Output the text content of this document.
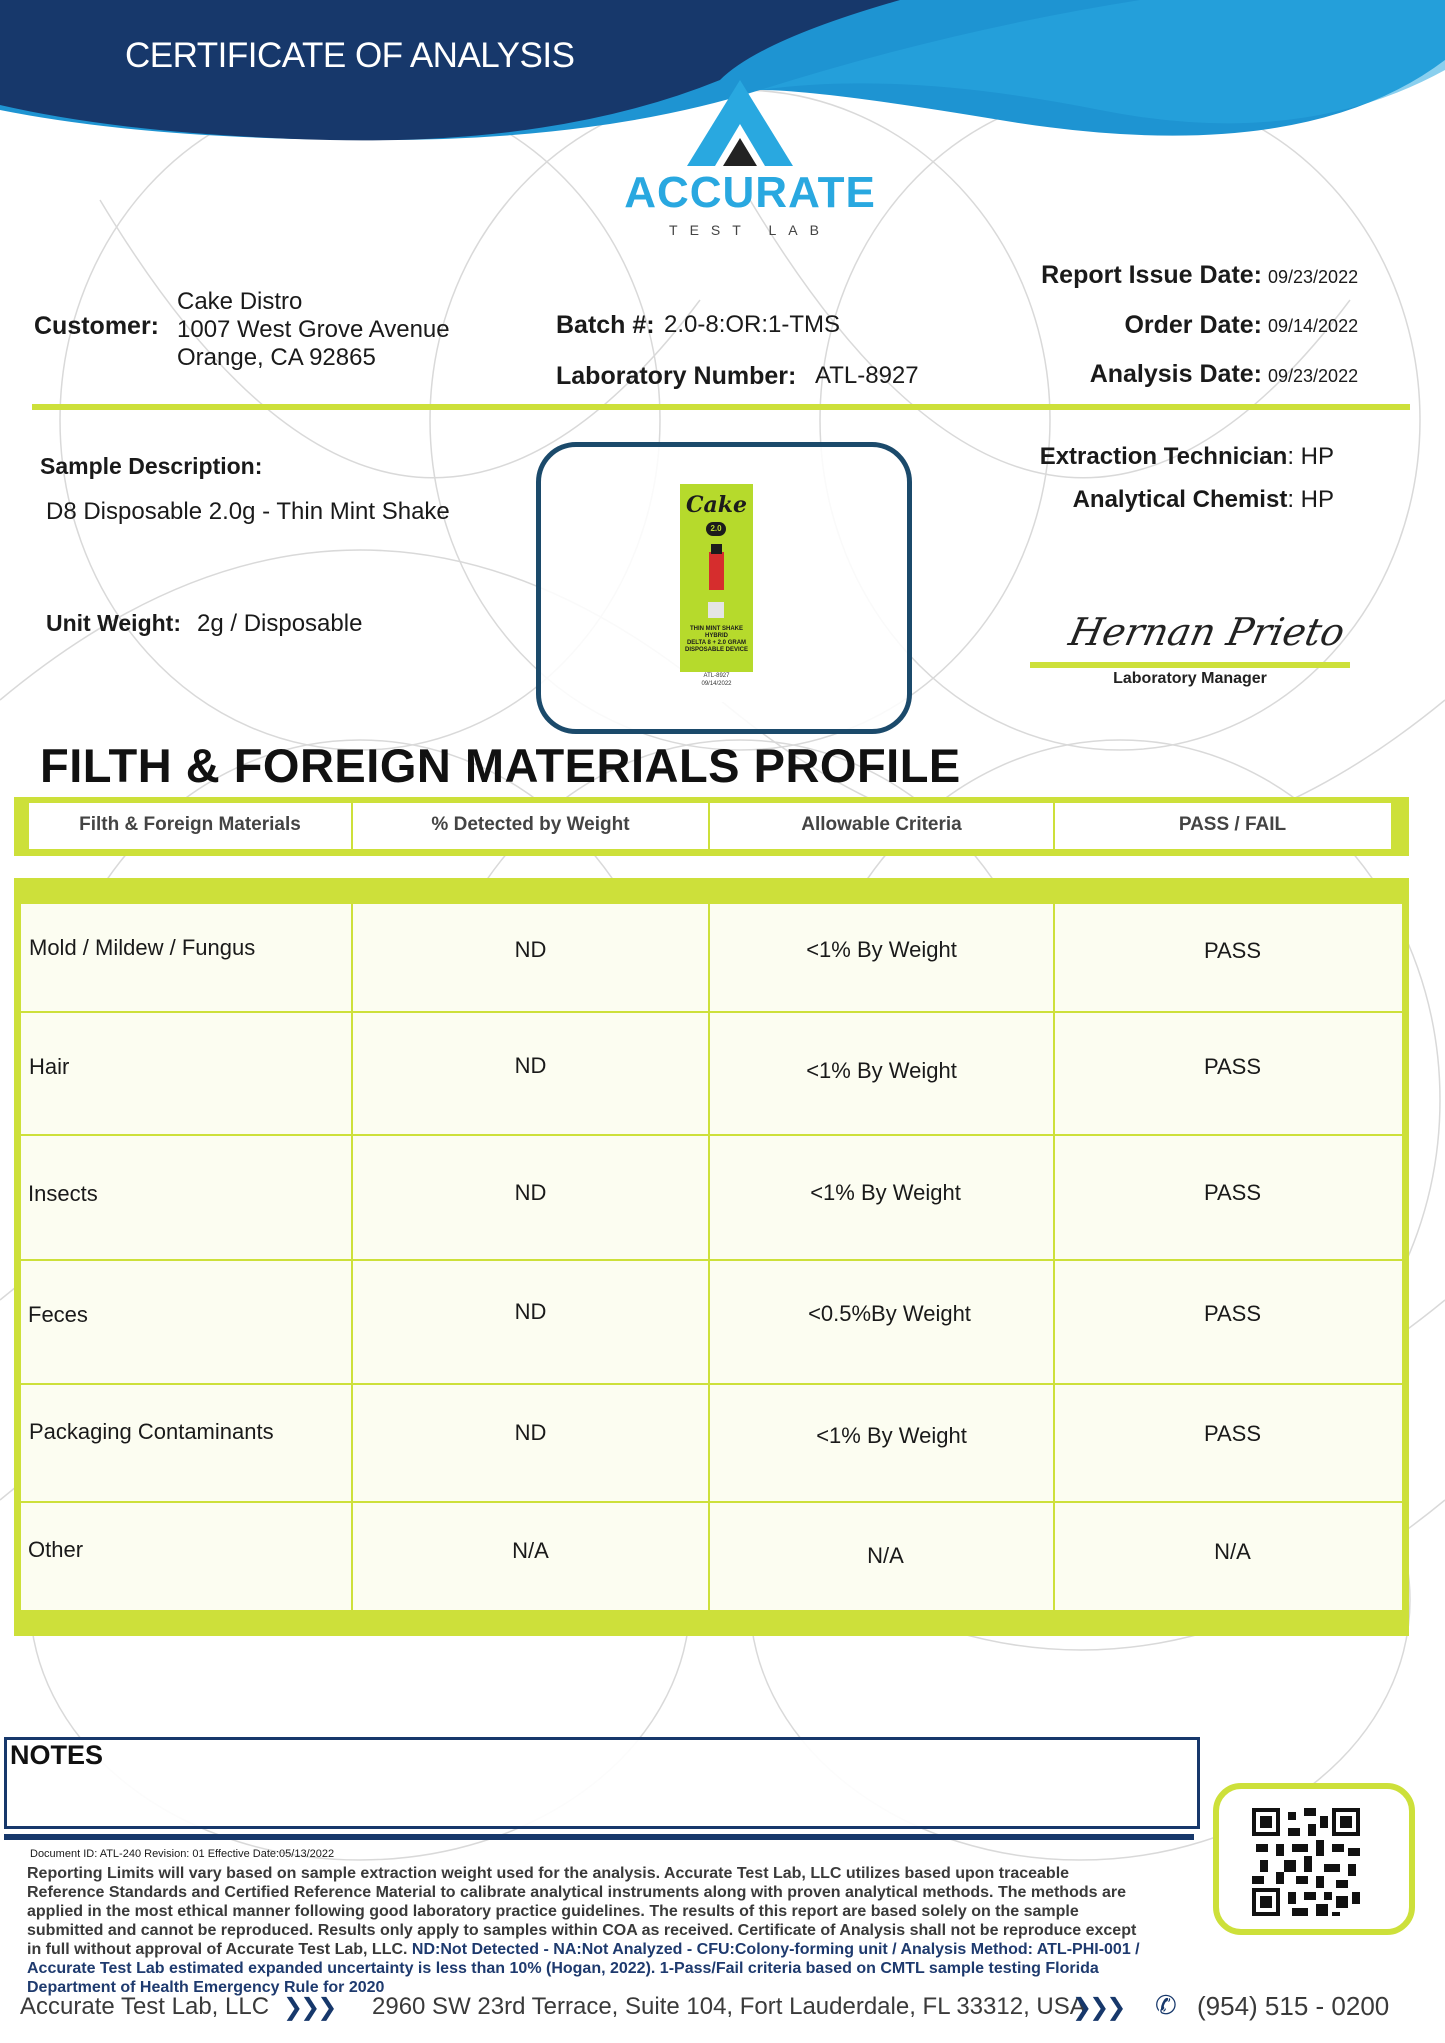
CERTIFICATE OF ANALYSIS
ACCURATE
TEST LAB
Customer:
Cake Distro
1007 West Grove Avenue
Orange, CA 92865
Batch #: 2.0-8:OR:1-TMS
Laboratory Number: ATL-8927
Report Issue Date: 09/23/2022
Order Date: 09/14/2022
Analysis Date: 09/23/2022
Sample Description:
D8 Disposable 2.0g - Thin Mint Shake
Unit Weight: 2g / Disposable
Cake
2.0
THIN MINT SHAKE
HYBRID
DELTA 8 + 2.0 GRAM
DISPOSABLE DEVICE
ATL-8927
09/14/2022
Extraction Technician: HP
Analytical Chemist: HP
Hernan Prieto
Laboratory Manager
FILTH & FOREIGN MATERIALS PROFILE
Filth & Foreign Materials	% Detected by Weight	Allowable Criteria	PASS / FAIL
Mold / Mildew / Fungus	ND	<1% By Weight	PASS
Hair	ND	<1% By Weight	PASS
Insects	ND	<1% By Weight	PASS
Feces	ND	<0.5%By Weight	PASS
Packaging Contaminants	ND	<1% By Weight	PASS
Other	N/A	N/A	N/A
NOTES
Document ID: ATL-240 Revision: 01 Effective Date:05/13/2022
Reporting Limits will vary based on sample extraction weight used for the analysis. Accurate Test Lab, LLC utilizes based upon traceable Reference Standards and Certified Reference Material to calibrate analytical instruments along with proven analytical methods. The methods are applied in the most ethical manner following good laboratory practice guidelines. The results of this report are based solely on the sample submitted and cannot be reproduced. Results only apply to samples within COA as received. Certificate of Analysis shall not be reproduce except in full without approval of Accurate Test Lab, LLC. ND:Not Detected - NA:Not Analyzed - CFU:Colony-forming unit / Analysis Method: ATL-PHI-001 / Accurate Test Lab estimated expanded uncertainty is less than 10% (Hogan, 2022). 1-Pass/Fail criteria based on CMTL sample testing Florida Department of Health Emergency Rule for 2020
Accurate Test Lab, LLC ❯❯❯ 2960 SW 23rd Terrace, Suite 104, Fort Lauderdale, FL 33312, USA
❯❯❯ ✆ (954) 515 - 0200
